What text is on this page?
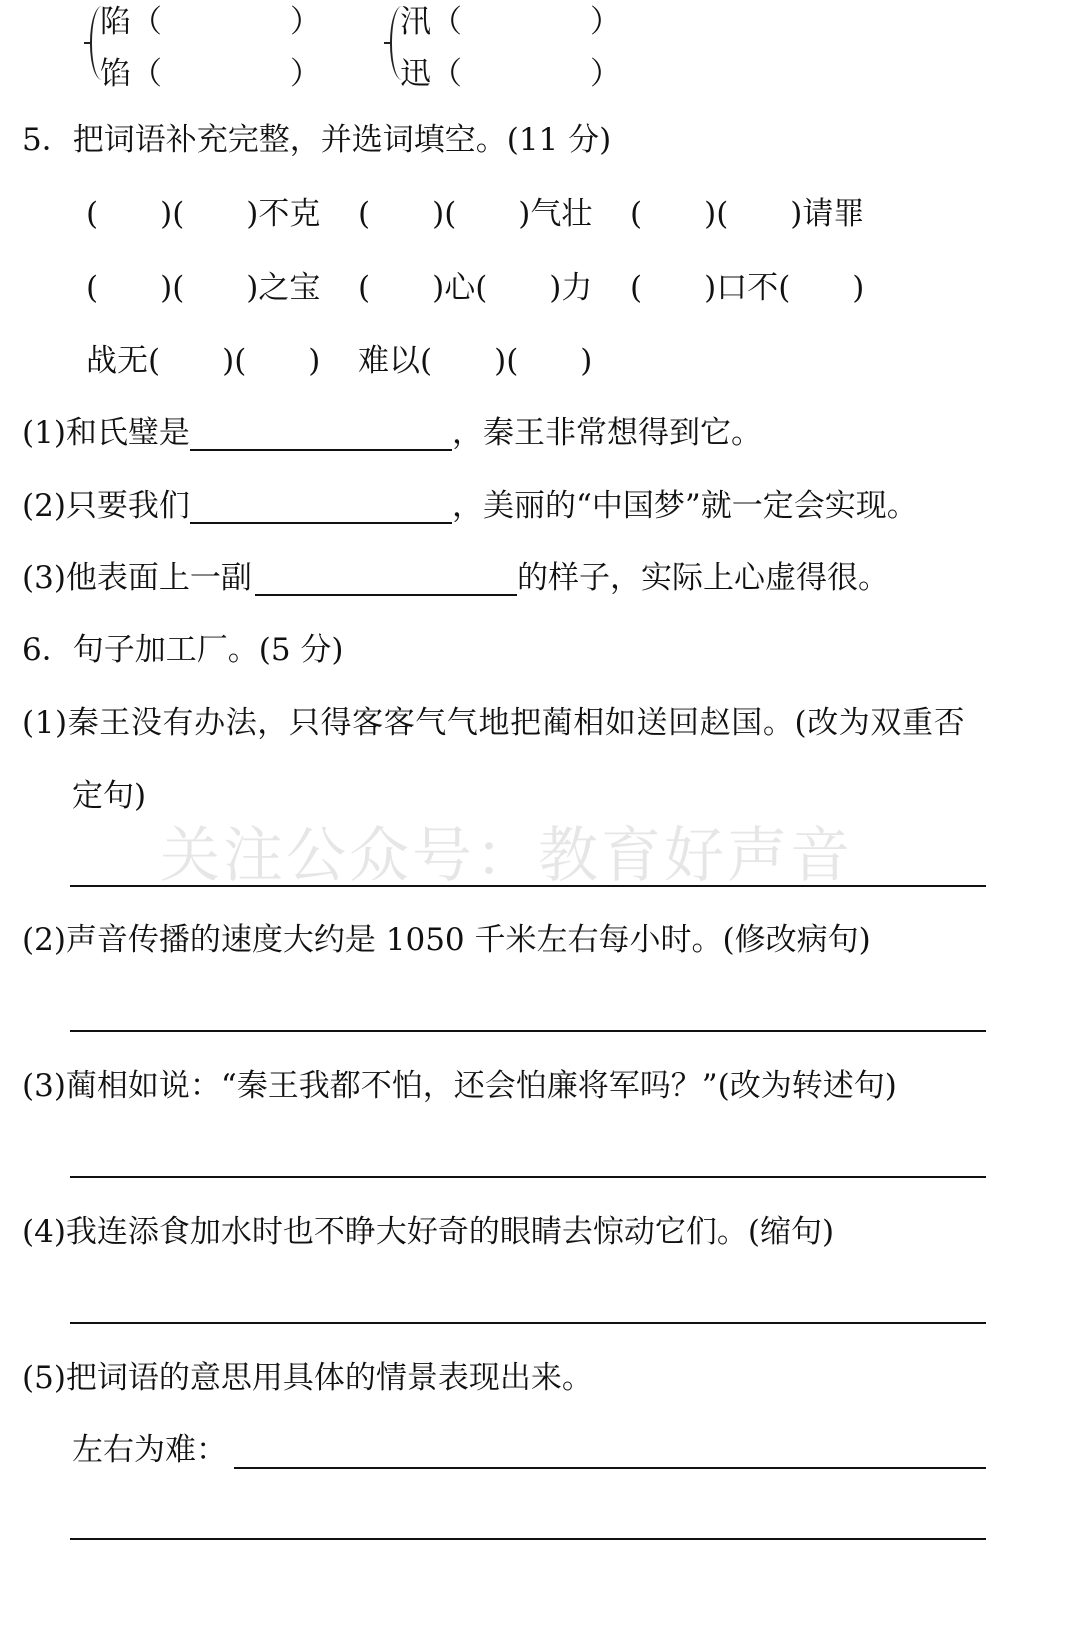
陷（	）
馅（	）
汛（	）
迅（	）
5．把词语补充完整，并选词填空。(11 分)
(　　)(　　)不克 (　　)(　　)气壮 (　　)(　　)请罪
(　　)(　　)之宝 (　　)心(　　)力 (　　)口不(　　)
战无(　　)(　　) 难以(　　)(　　)
(1)和氏璧是	，秦王非常想得到它。
(2)只要我们	，美丽的“中国梦”就一定会实现。
(3)他表面上一副	的样子，实际上心虚得很。
6．句子加工厂。(5 分)
(1)秦王没有办法，只得客客气气地把蔺相如送回赵国。(改为双重否
定句)
关注公众号：教育好声音
(2)声音传播的速度大约是 1050 千米左右每小时。(修改病句)
(3)蔺相如说：“秦王我都不怕，还会怕廉将军吗？”(改为转述句)
(4)我连添食加水时也不睁大好奇的眼睛去惊动它们。(缩句)
(5)把词语的意思用具体的情景表现出来。
左右为难：
